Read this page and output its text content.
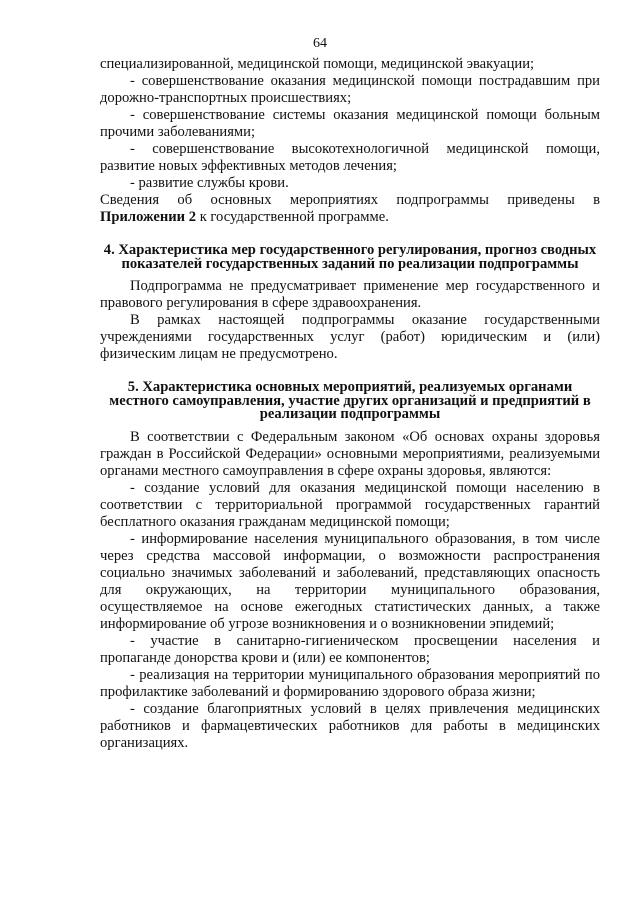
64

специализированной, медицинской помощи, медицинской эвакуации;

- совершенствование оказания медицинской помощи пострадавшим при дорожно-транспортных происшествиях;

- совершенствование системы оказания медицинской помощи больным прочими заболеваниями;

- совершенствование высокотехнологичной медицинской помощи, развитие новых эффективных методов лечения;

- развитие службы крови.

Сведения об основных мероприятиях подпрограммы приведены в Приложении 2 к государственной программе.

4. Характеристика мер государственного регулирования, прогноз сводных показателей государственных заданий по реализации подпрограммы

Подпрограмма не предусматривает применение мер государственного и правового регулирования в сфере здравоохранения.

В рамках настоящей подпрограммы оказание государственными учреждениями государственных услуг (работ) юридическим и (или) физическим лицам не предусмотрено.

5. Характеристика основных мероприятий, реализуемых органами местного самоуправления, участие других организаций и предприятий в реализации подпрограммы

В соответствии с Федеральным законом «Об основах охраны здоровья граждан в Российской Федерации» основными мероприятиями, реализуемыми органами местного самоуправления в сфере охраны здоровья, являются:

- создание условий для оказания медицинской помощи населению в соответствии с территориальной программой государственных гарантий бесплатного оказания гражданам медицинской помощи;

- информирование населения муниципального образования, в том числе через средства массовой информации, о возможности распространения социально значимых заболеваний и заболеваний, представляющих опасность для окружающих, на территории муниципального образования, осуществляемое на основе ежегодных статистических данных, а также информирование об угрозе возникновения и о возникновении эпидемий;

- участие в санитарно-гигиеническом просвещении населения и пропаганде донорства крови и (или) ее компонентов;

- реализация на территории муниципального образования мероприятий по профилактике заболеваний и формированию здорового образа жизни;

- создание благоприятных условий в целях привлечения медицинских работников и фармацевтических работников для работы в медицинских организациях.
